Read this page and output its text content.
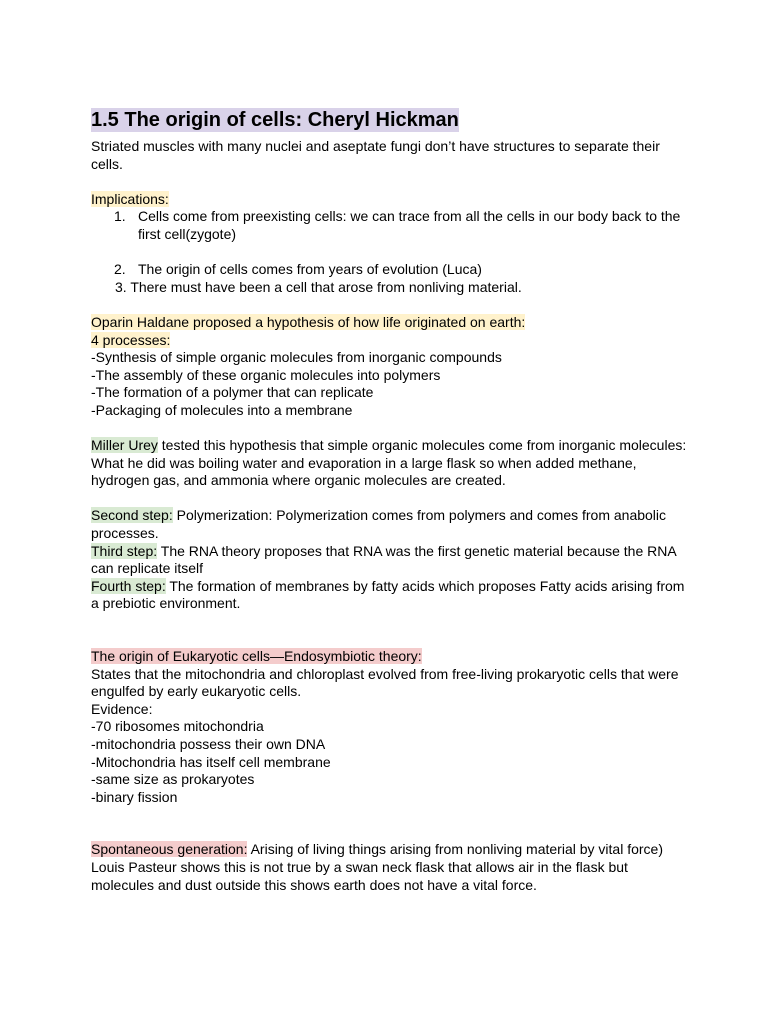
1.5 The origin of cells: Cheryl Hickman

Striated muscles with many nuclei and aseptate fungi don’t have structures to separate their cells.

Implications:

1. Cells come from preexisting cells: we can trace from all the cells in our body back to the first cell(zygote)
2. The origin of cells comes from years of evolution (Luca)
3. There must have been a cell that arose from nonliving material.

Oparin Haldane proposed a hypothesis of how life originated on earth:

4 processes:

-Synthesis of simple organic molecules from inorganic compounds

-The assembly of these organic molecules into polymers

-The formation of a polymer that can replicate

-Packaging of molecules into a membrane

Miller Urey tested this hypothesis that simple organic molecules come from inorganic molecules: What he did was boiling water and evaporation in a large flask so when added methane, hydrogen gas, and ammonia where organic molecules are created.

Second step: Polymerization: Polymerization comes from polymers and comes from anabolic processes.

Third step: The RNA theory proposes that RNA was the first genetic material because the RNA can replicate itself

Fourth step: The formation of membranes by fatty acids which proposes Fatty acids arising from a prebiotic environment.

The origin of Eukaryotic cells—Endosymbiotic theory:

States that the mitochondria and chloroplast evolved from free-living prokaryotic cells that were engulfed by early eukaryotic cells.

Evidence:

-70 ribosomes mitochondria

-mitochondria possess their own DNA

-Mitochondria has itself cell membrane

-same size as prokaryotes

-binary fission

Spontaneous generation: Arising of living things arising from nonliving material by vital force)

Louis Pasteur shows this is not true by a swan neck flask that allows air in the flask but molecules and dust outside this shows earth does not have a vital force.
